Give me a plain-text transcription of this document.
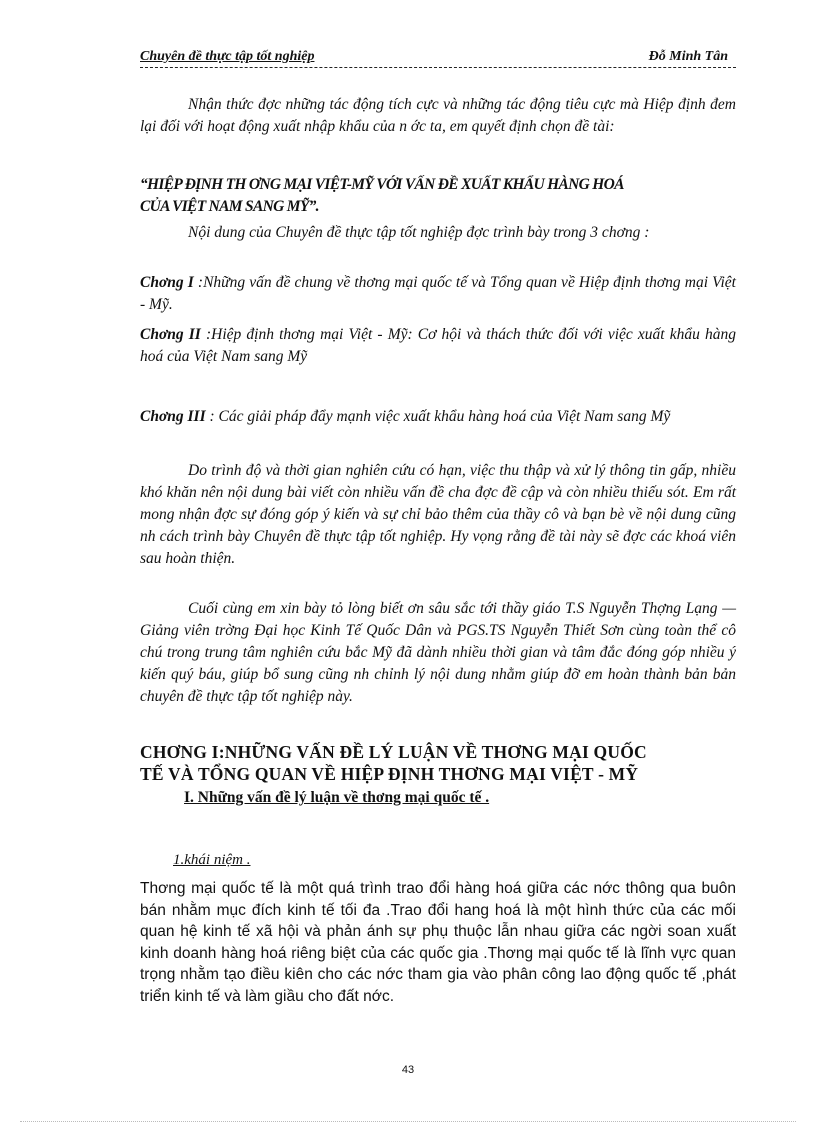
Chuyên đề thực tập tốt nghiệp	Đỗ Minh Tân
Nhận thức đợc những tác động tích cực và những tác động tiêu cực mà Hiệp định đem lại đối với hoạt động xuất nhập khẩu của n ớc ta, em quyết định chọn đề tài:
“HIỆP ĐỊNH TH ƠNG MẠI VIỆT-MỸ VỚI VẤN ĐỀ XUẤT KHẨU HÀNG HOÁ
CỦA VIỆT NAM SANG MỸ”.
Nội dung của Chuyên đề thực tập tốt nghiệp đợc trình bày trong 3 chơng :
Chơng I :Những vấn đề chung về thơng mại quốc tế và Tổng quan về Hiệp định thơng mại Việt - Mỹ.
Chơng II :Hiệp định thơng mại Việt - Mỹ: Cơ hội và thách thức đối với việc xuất khẩu hàng hoá của Việt Nam sang Mỹ
Chơng III : Các giải pháp đẩy mạnh việc xuất khẩu hàng hoá của Việt Nam sang Mỹ
Do trình độ và thời gian nghiên cứu có hạn, việc thu thập và xử lý thông tin gấp, nhiều khó khăn nên nội dung bài viết còn nhiều vấn đề cha đợc đề cập và còn nhiều thiếu sót. Em rất mong nhận đợc sự đóng góp ý kiến và sự chỉ bảo thêm của thầy cô và bạn bè về nội dung cũng nh cách trình bày Chuyên đề thực tập tốt nghiệp. Hy vọng rằng đề tài này sẽ đợc các khoá viên sau hoàn thiện.
Cuối cùng em xin bày tỏ lòng biết ơn sâu sắc tới thầy giáo T.S Nguyễn Thợng Lạng —Giảng viên trờng Đại học Kinh Tế Quốc Dân và PGS.TS Nguyễn Thiết Sơn cùng toàn thể cô chú trong trung tâm nghiên cứu bắc Mỹ đã dành nhiều thời gian và tâm đắc đóng góp nhiều ý kiến quý báu, giúp bổ sung cũng nh chỉnh lý nội dung nhằm giúp đỡ em hoàn thành bản bản chuyên đề thực tập tốt nghiệp này.
CHƠNG I:NHỮNG VẤN ĐỀ LÝ LUẬN VỀ THƠNG MẠI QUỐC
TẾ VÀ TỔNG QUAN VỀ HIỆP ĐỊNH THƠNG MẠI VIỆT - MỸ
I. Những vấn đề lý luận về thơng mại quốc tế .
1.khái niệm .
Thơng mại quốc tế là một quá trình trao đổi hàng hoá giữa các nớc thông qua buôn bán nhằm mục đích kinh tế tối đa .Trao đổi hang hoá là một hình thức của các mối quan hệ kinh tế xã hội và phản ánh sự phụ thuộc lẫn nhau giữa các ngời soan xuất kinh doanh hàng hoá riêng biệt của các quốc gia .Thơng mại quốc tế là lĩnh vực quan trọng nhằm tạo điều kiên cho các nớc tham gia vào phân công lao động quốc tế ,phát triển kinh tế và làm giầu cho đất nớc.
43
